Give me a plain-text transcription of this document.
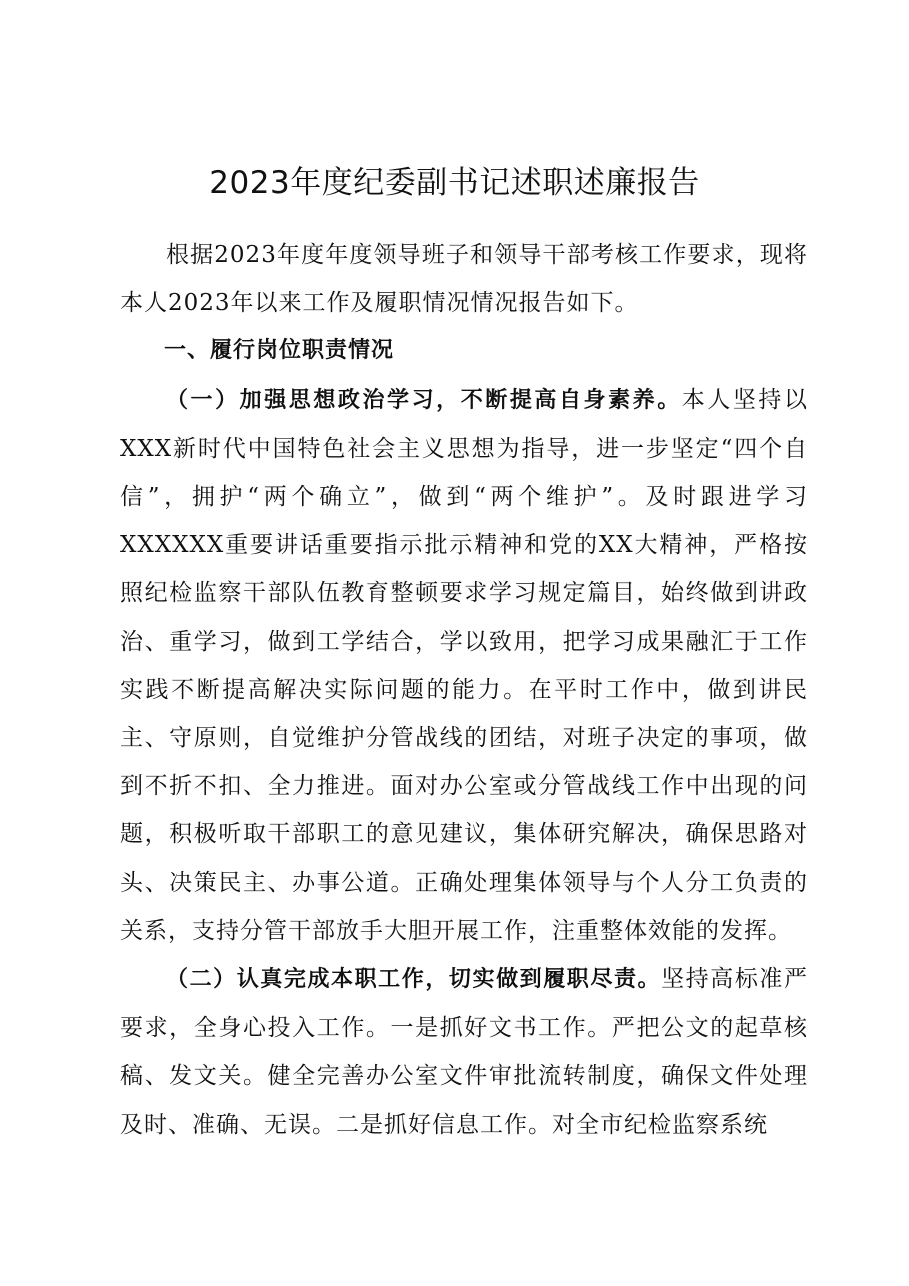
2023年度纪委副书记述职述廉报告

根据2023年度年度领导班子和领导干部考核工作要求，现将本人2023年以来工作及履职情况情况报告如下。

一、履行岗位职责情况

（一）加强思想政治学习，不断提高自身素养。本人坚持以XXX新时代中国特色社会主义思想为指导，进一步坚定“四个自信”，拥护“两个确立”，做到“两个维护”。及时跟进学习XXXXXX重要讲话重要指示批示精神和党的XX大精神，严格按照纪检监察干部队伍教育整顿要求学习规定篇目，始终做到讲政治、重学习，做到工学结合，学以致用，把学习成果融汇于工作实践不断提高解决实际问题的能力。在平时工作中，做到讲民主、守原则，自觉维护分管战线的团结，对班子决定的事项，做到不折不扣、全力推进。面对办公室或分管战线工作中出现的问题，积极听取干部职工的意见建议，集体研究解决，确保思路对头、决策民主、办事公道。正确处理集体领导与个人分工负责的关系，支持分管干部放手大胆开展工作，注重整体效能的发挥。

（二）认真完成本职工作，切实做到履职尽责。坚持高标准严要求，全身心投入工作。一是抓好文书工作。严把公文的起草核稿、发文关。健全完善办公室文件审批流转制度，确保文件处理及时、准确、无误。二是抓好信息工作。对全市纪检监察系统
